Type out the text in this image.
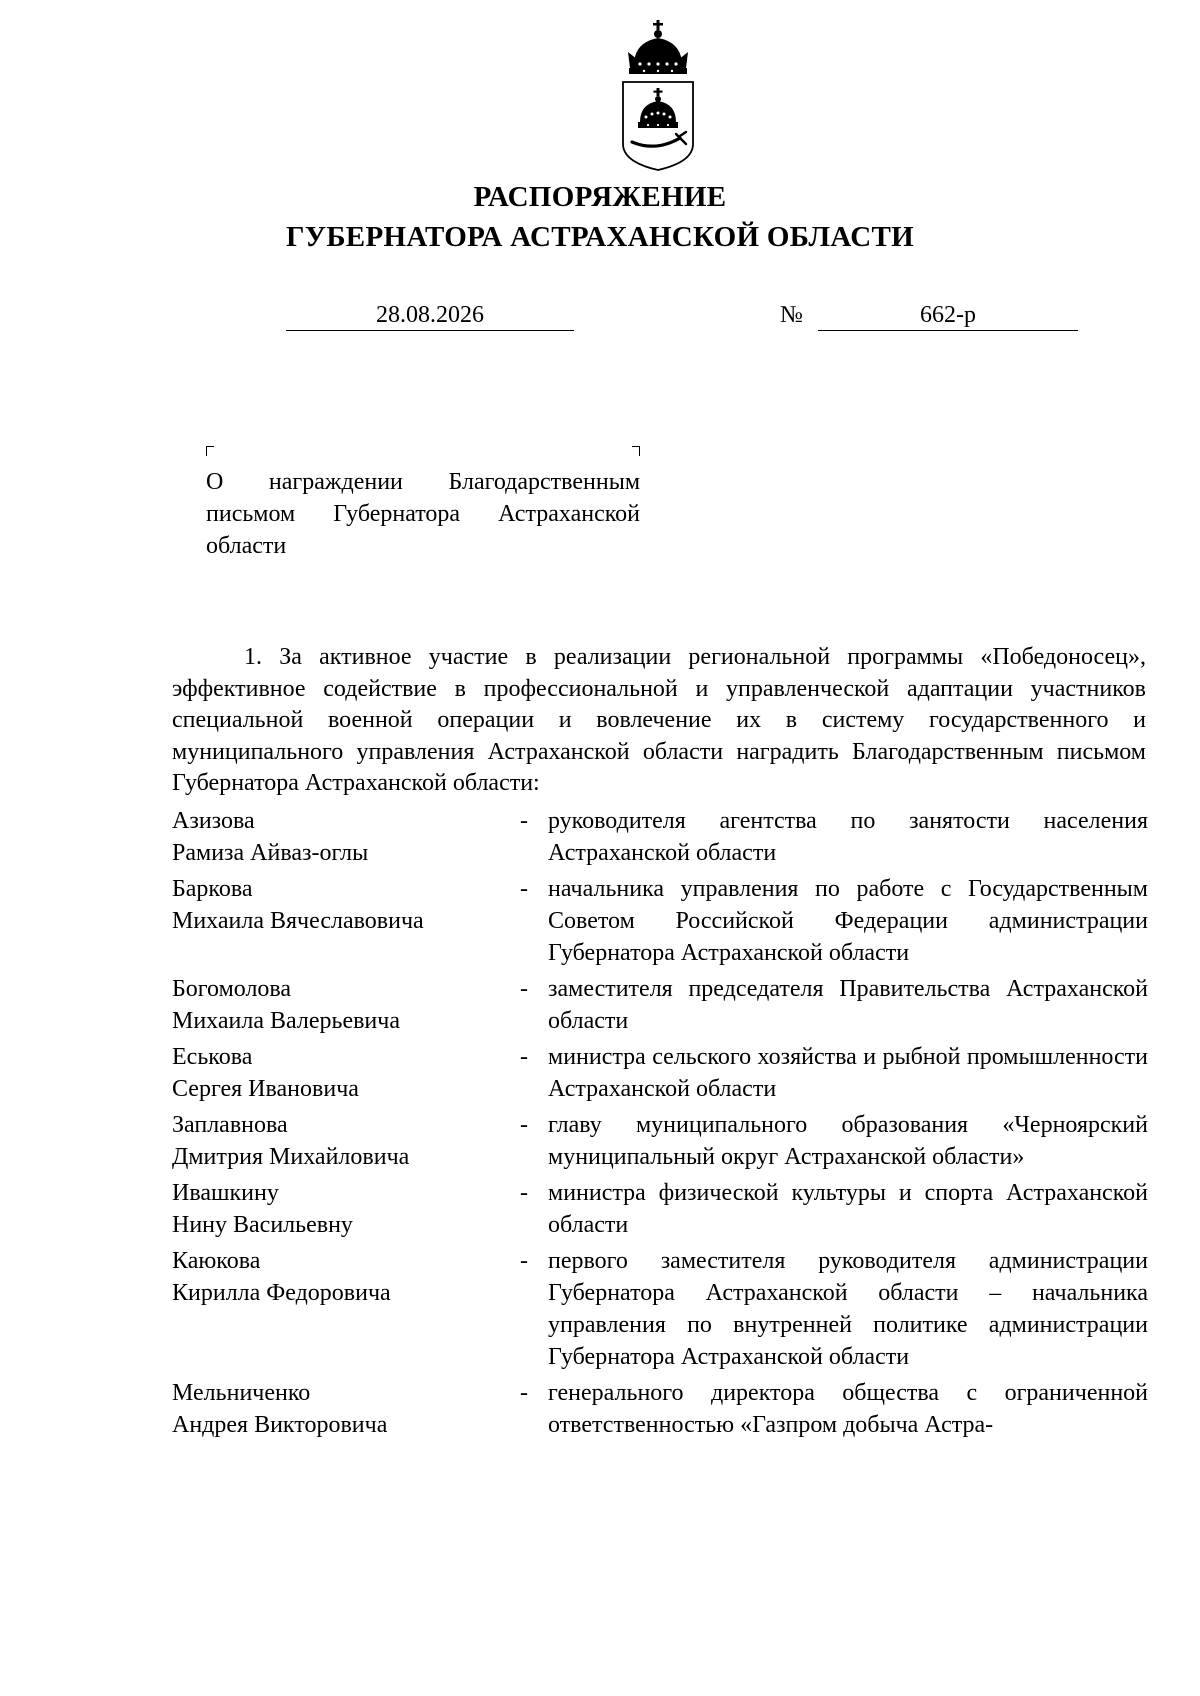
РАСПОРЯЖЕНИЕ
ГУБЕРНАТОРА АСТРАХАНСКОЙ ОБЛАСТИ
28.08.2026	№	662-р
О награждении Благодарственным письмом Губернатора Астраханской области
1. За активное участие в реализации региональной программы «Победоносец», эффективное содействие в профессиональной и управленческой адаптации участников специальной военной операции и вовлечение их в систему государственного и муниципального управления Астраханской области наградить Благодарственным письмом Губернатора Астраханской области:
Азизова
Рамиза Айваз-оглы
- руководителя агентства по занятости населения Астраханской области
Баркова
Михаила Вячеславовича
- начальника управления по работе с Государственным Советом Российской Федерации администрации Губернатора Астраханской области
Богомолова
Михаила Валерьевича
- заместителя председателя Правительства Астраханской области
Еськова
Сергея Ивановича
- министра сельского хозяйства и рыбной промышленности Астраханской области
Заплавнова
Дмитрия Михайловича
- главу муниципального образования «Черноярский муниципальный округ Астраханской области»
Ивашкину
Нину Васильевну
- министра физической культуры и спорта Астраханской области
Каюкова
Кирилла Федоровича
- первого заместителя руководителя администрации Губернатора Астраханской области – начальника управления по внутренней политике администрации Губернатора Астраханской области
Мельниченко
Андрея Викторовича
- генерального директора общества с ограниченной ответственностью «Газпром добыча Астра-
